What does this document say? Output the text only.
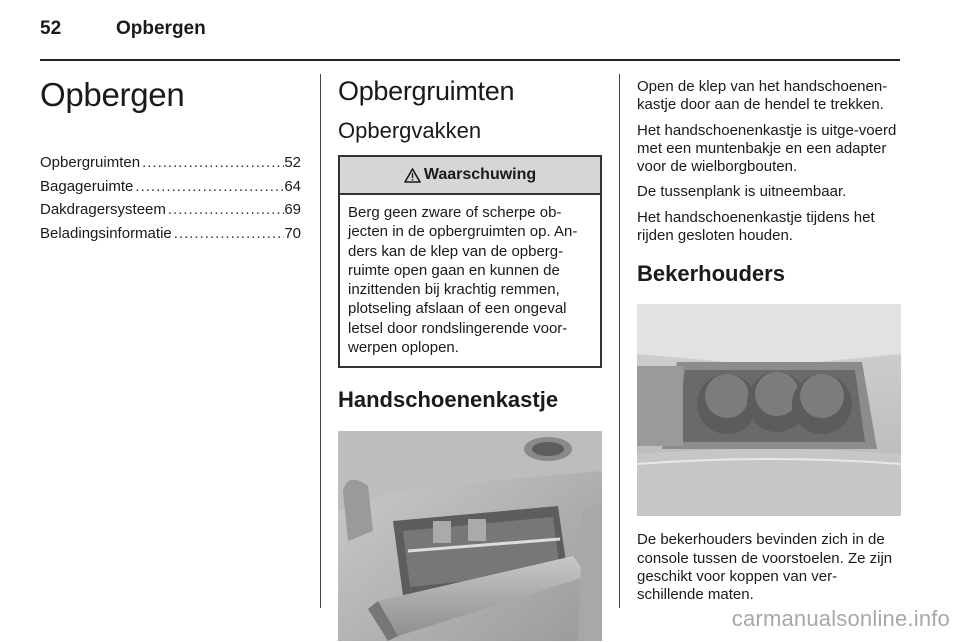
52	Opbergen
Opbergen
Opbergruimten .....	52
Bagageruimte .....	64
Dakdragersysteem .....	69
Beladingsinformatie .....	70
Opbergruimten
Opbergvakken
Waarschuwing
Berg geen zware of scherpe ob-jecten in de opbergruimten op. An-ders kan de klep van de opberg-ruimte open gaan en kunnen de inzittenden bij krachtig remmen, plotseling afslaan of een ongeval letsel door rondslingerende voor-werpen oplopen.
Handschoenenkastje

Open de klep van het handschoenen-kastje door aan de hendel te trekken.

Het handschoenenkastje is uitge-voerd met een muntenbakje en een adapter voor de wielborgbouten.

De tussenplank is uitneembaar.

Het handschoenenkastje tijdens het rijden gesloten houden.

Bekerhouders

De bekerhouders bevinden zich in de console tussen de voorstoelen. Ze zijn geschikt voor koppen van ver-schillende maten.

carmanualsonline.info
